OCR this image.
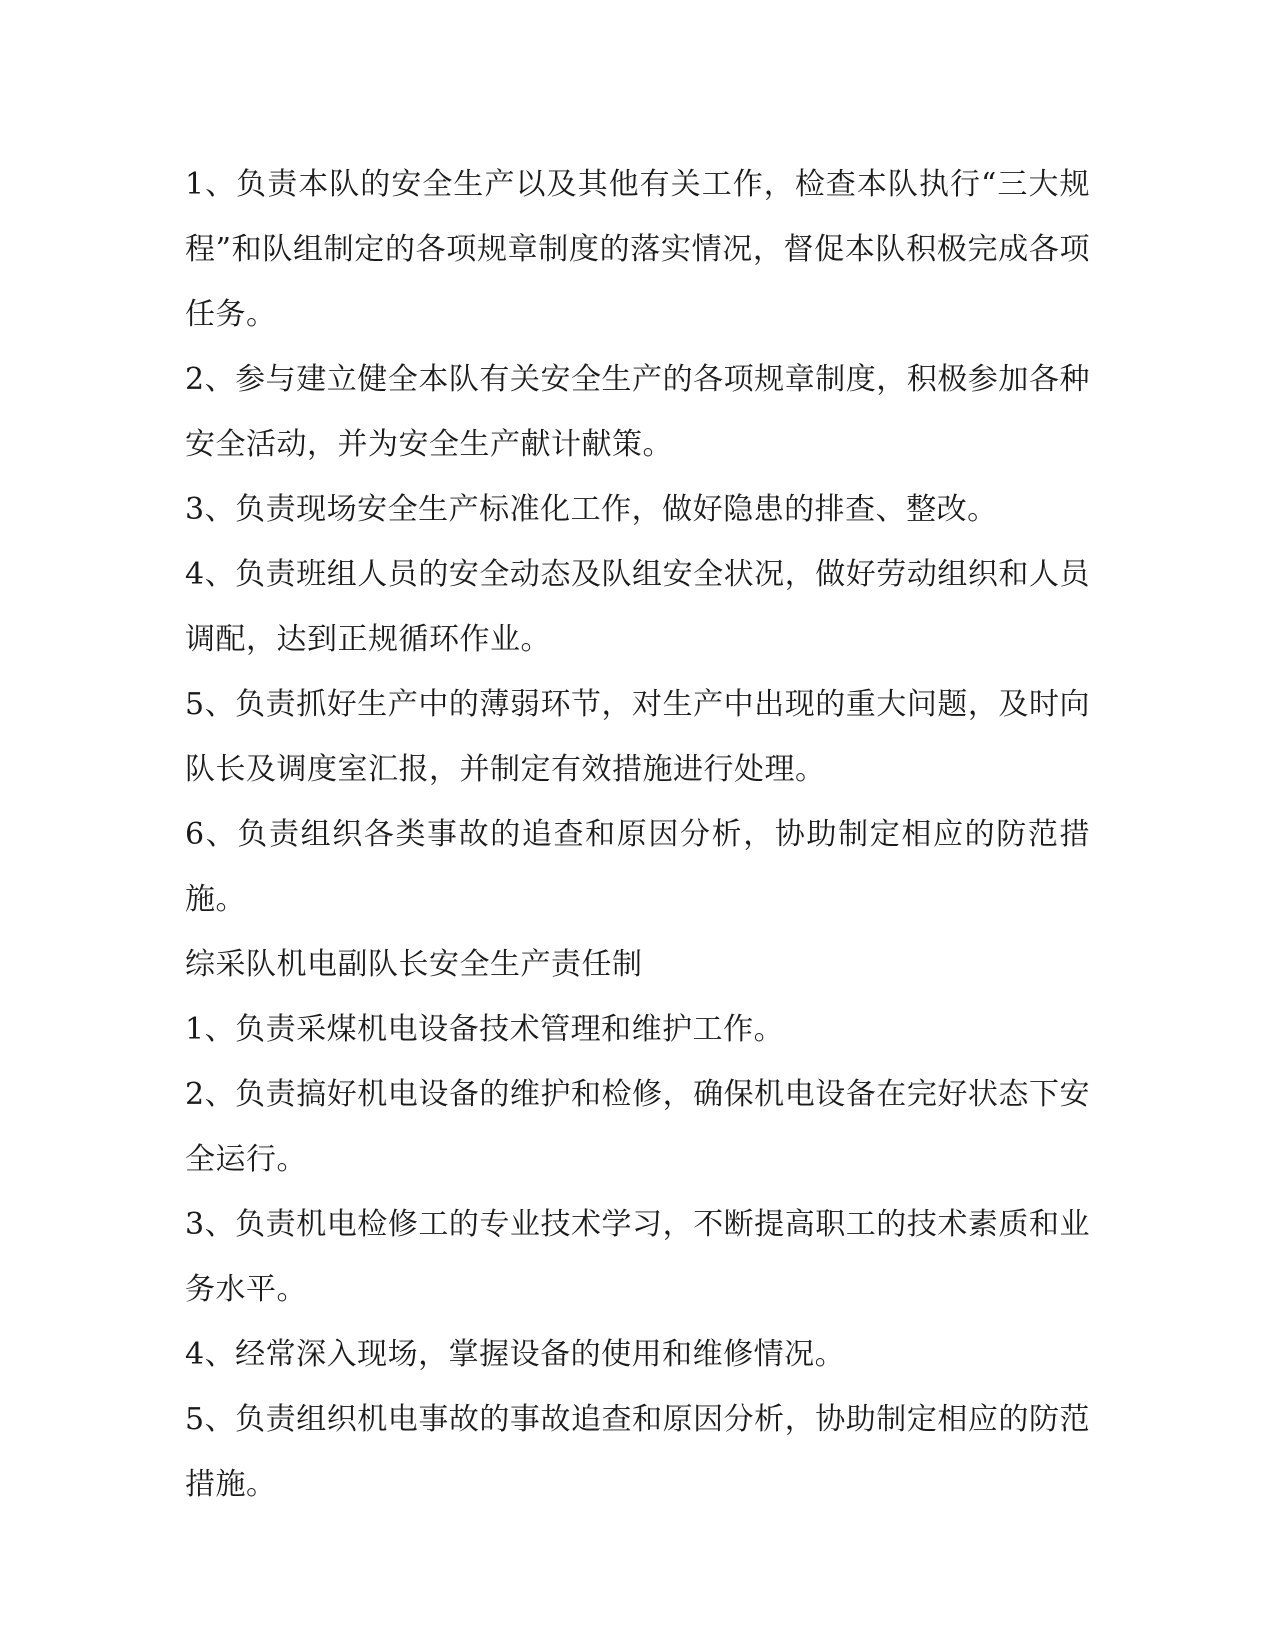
1、负责本队的安全生产以及其他有关工作，检查本队执行“三大规程”和队组制定的各项规章制度的落实情况，督促本队积极完成各项任务。

2、参与建立健全本队有关安全生产的各项规章制度，积极参加各种安全活动，并为安全生产献计献策。

3、负责现场安全生产标准化工作，做好隐患的排查、整改。

4、负责班组人员的安全动态及队组安全状况，做好劳动组织和人员调配，达到正规循环作业。

5、负责抓好生产中的薄弱环节，对生产中出现的重大问题，及时向队长及调度室汇报，并制定有效措施进行处理。

6、负责组织各类事故的追查和原因分析，协助制定相应的防范措施。

综采队机电副队长安全生产责任制

1、负责采煤机电设备技术管理和维护工作。

2、负责搞好机电设备的维护和检修，确保机电设备在完好状态下安全运行。

3、负责机电检修工的专业技术学习，不断提高职工的技术素质和业务水平。

4、经常深入现场，掌握设备的使用和维修情况。

5、负责组织机电事故的事故追查和原因分析，协助制定相应的防范措施。
